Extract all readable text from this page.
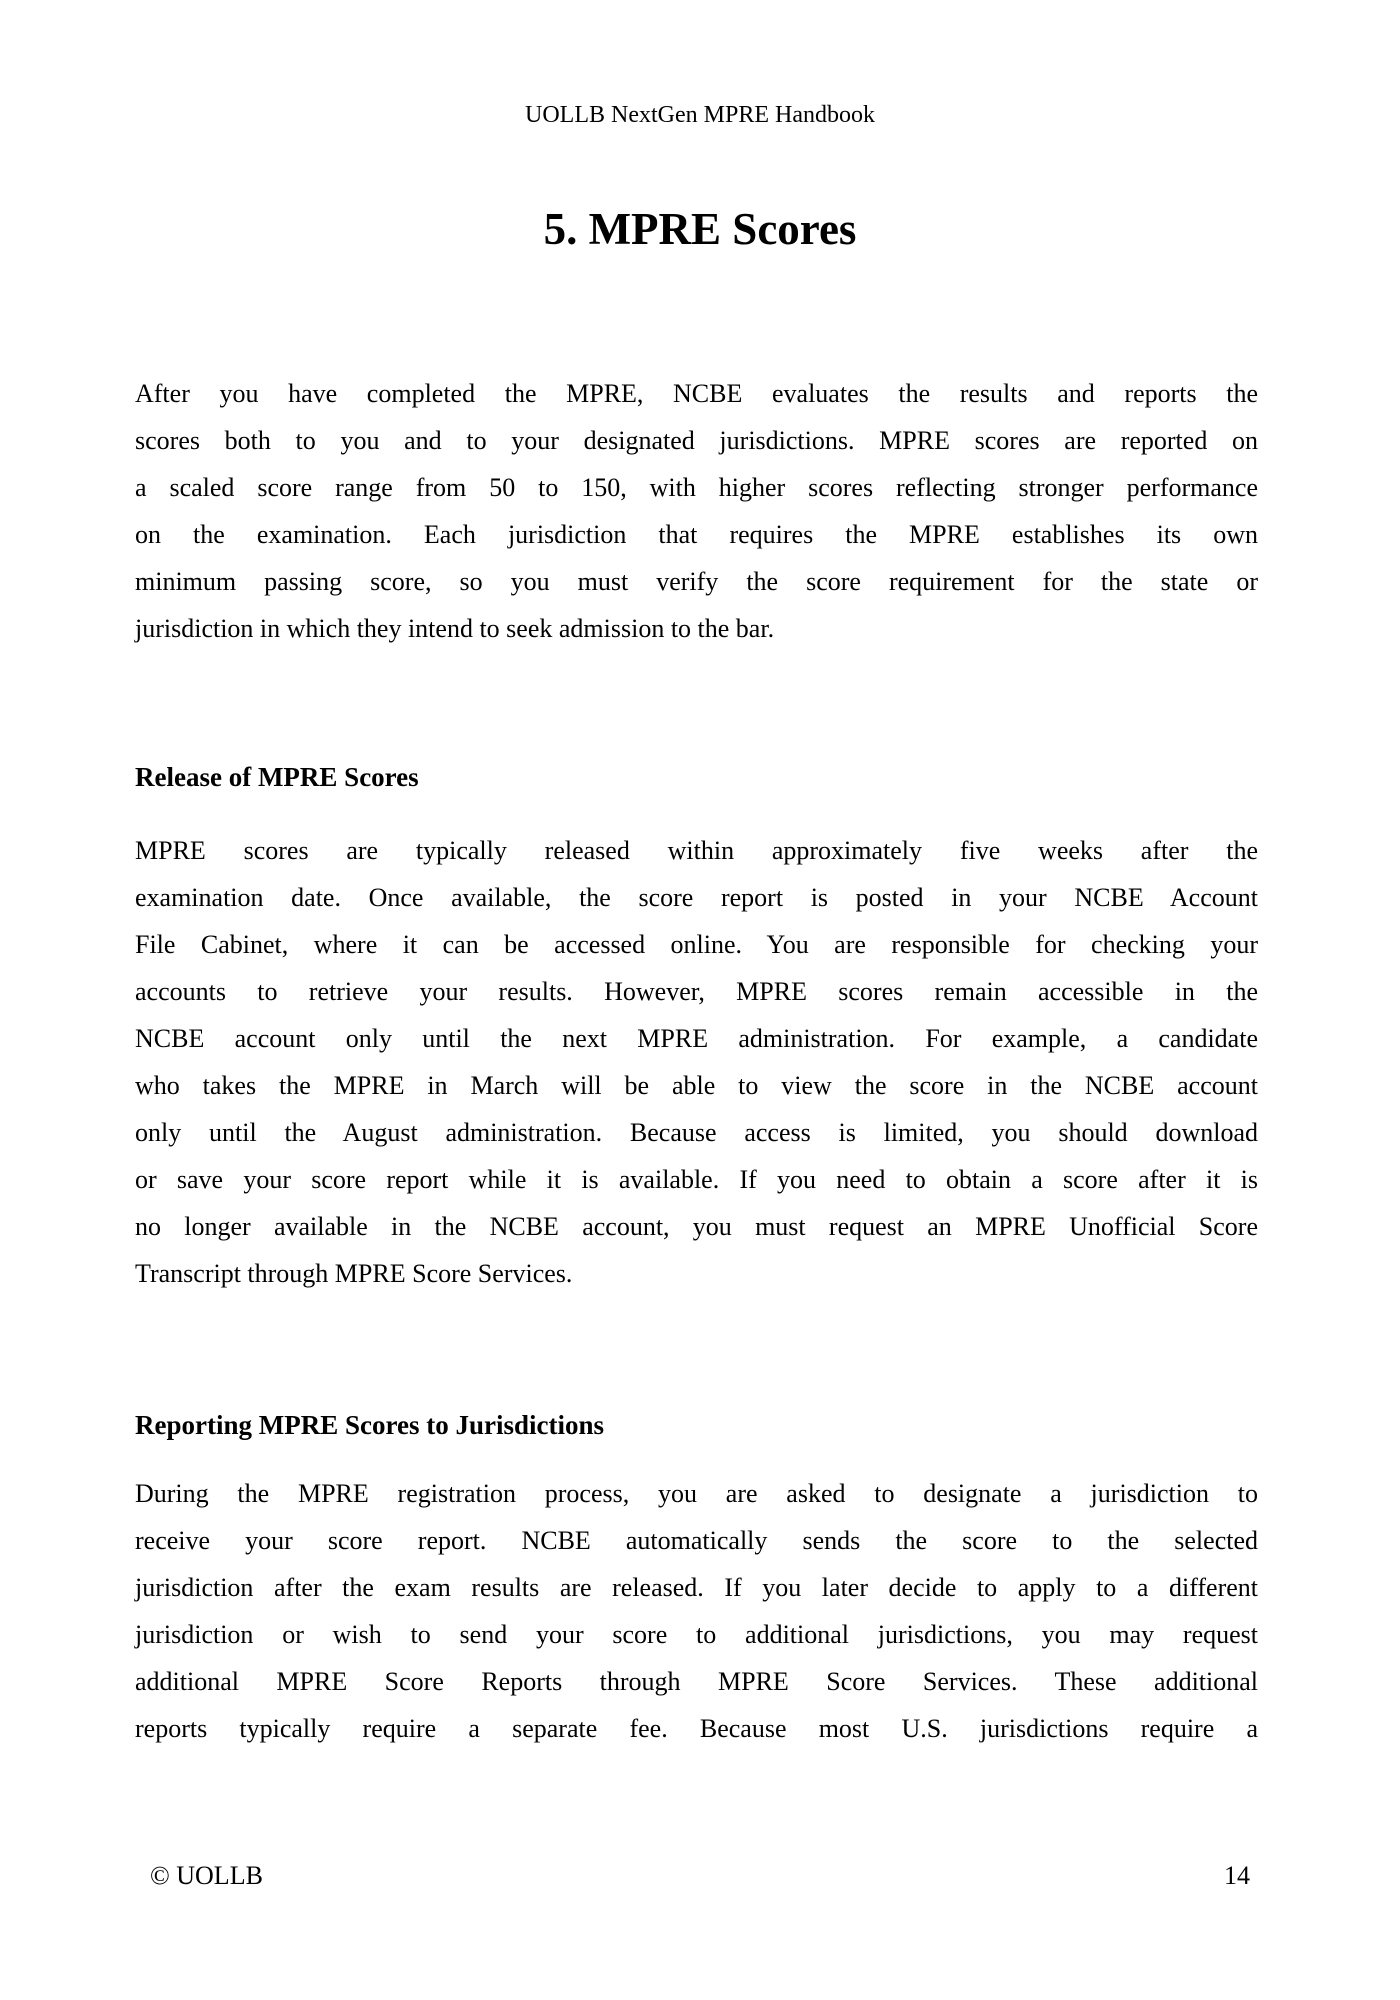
UOLLB NextGen MPRE Handbook
5. MPRE Scores
After you have completed the MPRE, NCBE evaluates the results and reports the
scores both to you and to your designated jurisdictions. MPRE scores are reported on
a scaled score range from 50 to 150, with higher scores reflecting stronger performance
on the examination. Each jurisdiction that requires the MPRE establishes its own
minimum passing score, so you must verify the score requirement for the state or
jurisdiction in which they intend to seek admission to the bar.
Release of MPRE Scores
MPRE scores are typically released within approximately five weeks after the
examination date. Once available, the score report is posted in your NCBE Account
File Cabinet, where it can be accessed online. You are responsible for checking your
accounts to retrieve your results. However, MPRE scores remain accessible in the
NCBE account only until the next MPRE administration. For example, a candidate
who takes the MPRE in March will be able to view the score in the NCBE account
only until the August administration. Because access is limited, you should download
or save your score report while it is available. If you need to obtain a score after it is
no longer available in the NCBE account, you must request an MPRE Unofficial Score
Transcript through MPRE Score Services.
Reporting MPRE Scores to Jurisdictions
During the MPRE registration process, you are asked to designate a jurisdiction to
receive your score report. NCBE automatically sends the score to the selected
jurisdiction after the exam results are released. If you later decide to apply to a different
jurisdiction or wish to send your score to additional jurisdictions, you may request
additional MPRE Score Reports through MPRE Score Services. These additional
reports typically require a separate fee. Because most U.S. jurisdictions require a
© UOLLB	14
